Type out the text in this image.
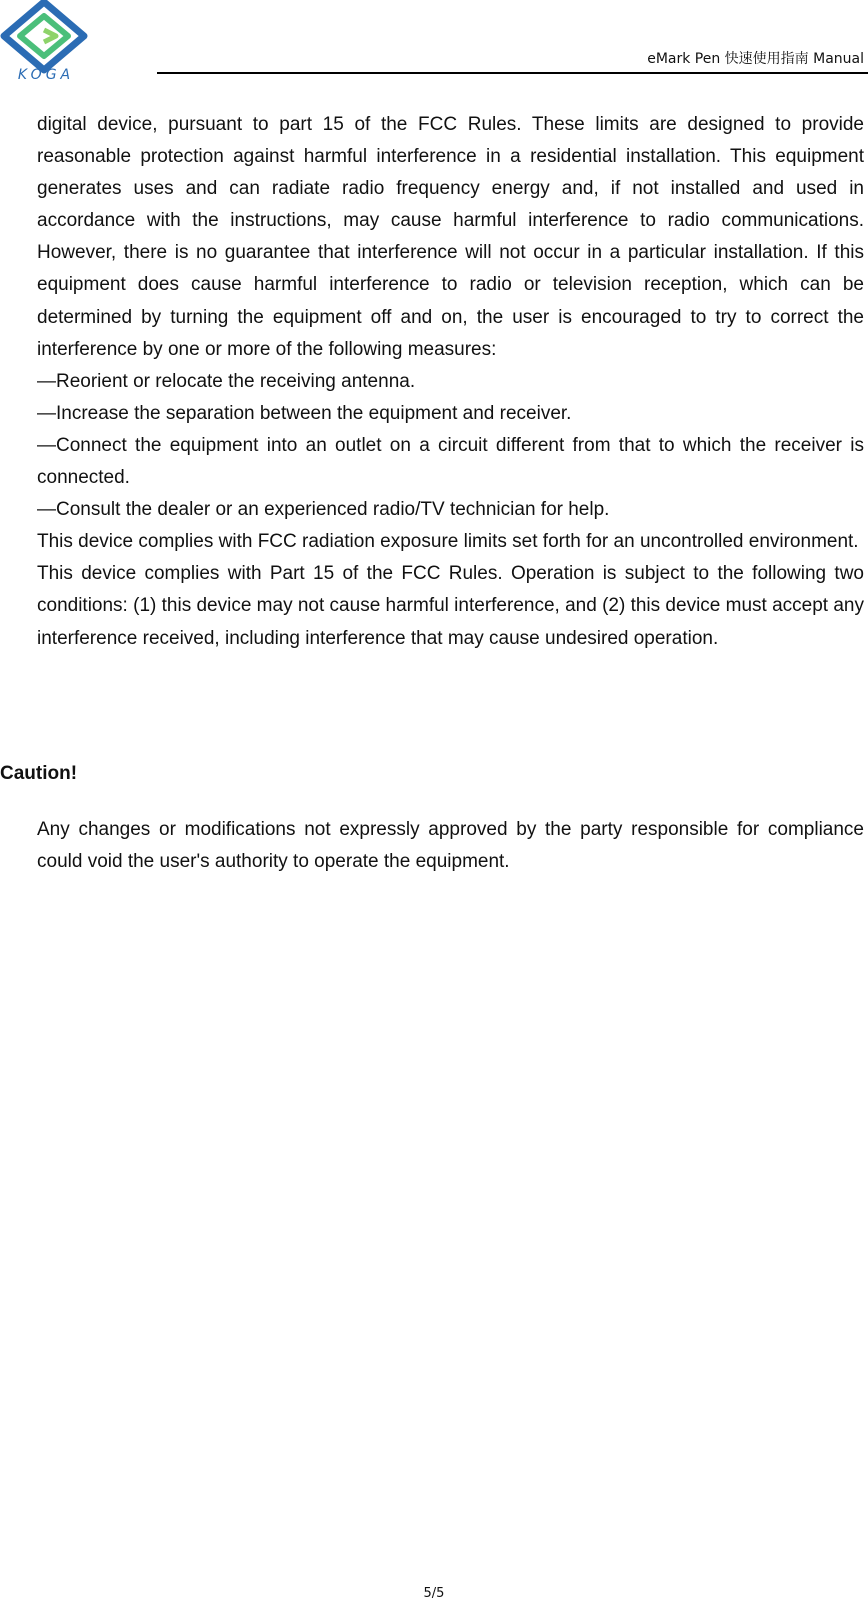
KOGA
eMark Pen 快速使用指南 Manual

digital device, pursuant to part 15 of the FCC Rules. These limits are designed to provide reasonable protection against harmful interference in a residential installation. This equipment generates uses and can radiate radio frequency energy and, if not installed and used in accordance with the instructions, may cause harmful interference to radio communications. However, there is no guarantee that interference will not occur in a particular installation. If this equipment does cause harmful interference to radio or television reception, which can be determined by turning the equipment off and on, the user is encouraged to try to correct the interference by one or more of the following measures:

—Reorient or relocate the receiving antenna.

—Increase the separation between the equipment and receiver.

—Connect the equipment into an outlet on a circuit different from that to which the receiver is connected.

—Consult the dealer or an experienced radio/TV technician for help.

This device complies with FCC radiation exposure limits set forth for an uncontrolled environment.

This device complies with Part 15 of the FCC Rules. Operation is subject to the following two conditions: (1) this device may not cause harmful interference, and (2) this device must accept any interference received, including interference that may cause undesired operation.

Caution!

Any changes or modifications not expressly approved by the party responsible for compliance could void the user's authority to operate the equipment.

5/5
